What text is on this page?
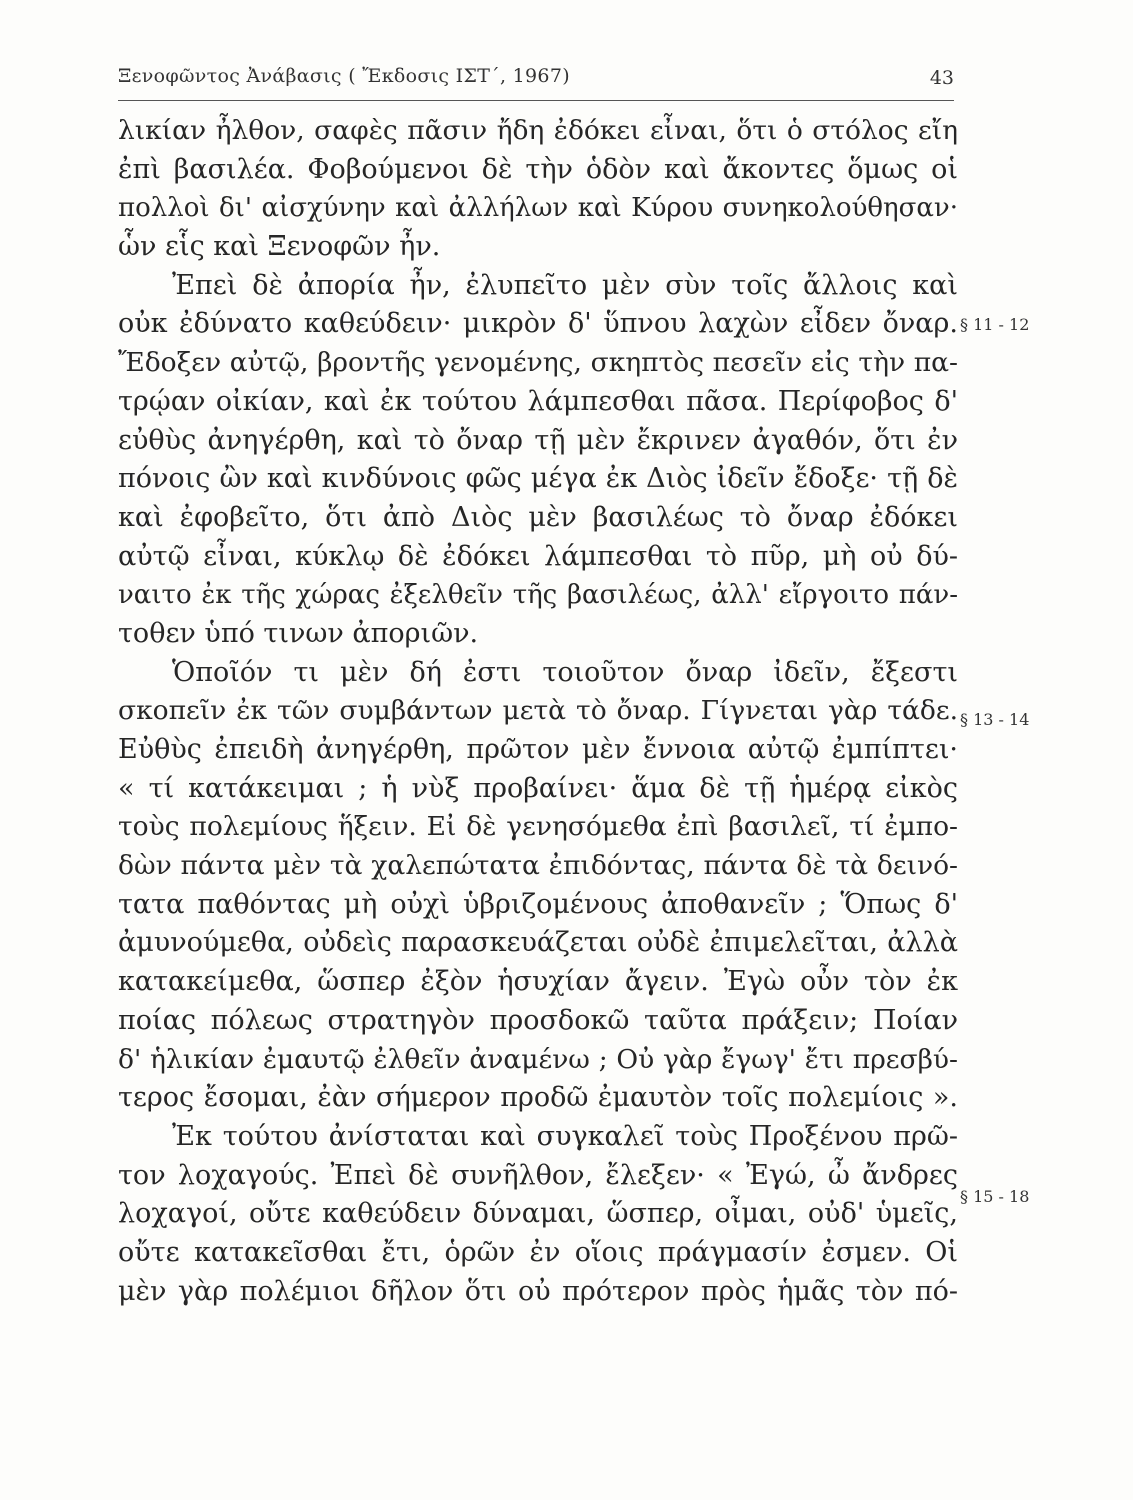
Ξενοφῶντος Ἀνάβασις ( Ἔκδοσις ΙΣΤ΄, 1967)	43
λικίαν ἦλθον, σαφὲς πᾶσιν ἤδη ἐδόκει εἶναι, ὅτι ὁ στόλος εἴη
ἐπὶ βασιλέα. Φοβούμενοι δὲ τὴν ὁδὸν καὶ ἄκοντες ὅμως οἱ
πολλοὶ δι' αἰσχύνην καὶ ἀλλήλων καὶ Κύρου συνηκολούθησαν·
ὧν εἷς καὶ Ξενοφῶν ἦν.
Ἐπεὶ δὲ ἀπορία ἦν, ἐλυπεῖτο μὲν σὺν τοῖς ἄλλοις καὶ
οὐκ ἐδύνατο καθεύδειν· μικρὸν δ' ὕπνου λαχὼν εἶδεν ὄναρ.
Ἔδοξεν αὐτῷ, βροντῆς γενομένης, σκηπτὸς πεσεῖν εἰς τὴν πα-
τρῴαν οἰκίαν, καὶ ἐκ τούτου λάμπεσθαι πᾶσα. Περίφοβος δ'
εὐθὺς ἀνηγέρθη, καὶ τὸ ὄναρ τῇ μὲν ἔκρινεν ἀγαθόν, ὅτι ἐν
πόνοις ὢν καὶ κινδύνοις φῶς μέγα ἐκ Διὸς ἰδεῖν ἔδοξε· τῇ δὲ
καὶ ἐφοβεῖτο, ὅτι ἀπὸ Διὸς μὲν βασιλέως τὸ ὄναρ ἐδόκει
αὐτῷ εἶναι, κύκλῳ δὲ ἐδόκει λάμπεσθαι τὸ πῦρ, μὴ οὐ δύ-
ναιτο ἐκ τῆς χώρας ἐξελθεῖν τῆς βασιλέως, ἀλλ' εἴργοιτο πάν-
τοθεν ὑπό τινων ἀποριῶν.
Ὁποῖόν τι μὲν δή ἐστι τοιοῦτον ὄναρ ἰδεῖν, ἔξεστι
σκοπεῖν ἐκ τῶν συμβάντων μετὰ τὸ ὄναρ. Γίγνεται γὰρ τάδε.
Εὐθὺς ἐπειδὴ ἀνηγέρθη, πρῶτον μὲν ἔννοια αὐτῷ ἐμπίπτει·
« τί κατάκειμαι ; ἡ νὺξ προβαίνει· ἅμα δὲ τῇ ἡμέρᾳ εἰκὸς
τοὺς πολεμίους ἥξειν. Εἰ δὲ γενησόμεθα ἐπὶ βασιλεῖ, τί ἐμπο-
δὼν πάντα μὲν τὰ χαλεπώτατα ἐπιδόντας, πάντα δὲ τὰ δεινό-
τατα παθόντας μὴ οὐχὶ ὑβριζομένους ἀποθανεῖν ; Ὅπως δ'
ἀμυνούμεθα, οὐδεὶς παρασκευάζεται οὐδὲ ἐπιμελεῖται, ἀλλὰ
κατακείμεθα, ὥσπερ ἐξὸν ἡσυχίαν ἄγειν. Ἐγὼ οὖν τὸν ἐκ
ποίας πόλεως στρατηγὸν προσδοκῶ ταῦτα πράξειν; Ποίαν
δ' ἡλικίαν ἐμαυτῷ ἐλθεῖν ἀναμένω ; Οὐ γὰρ ἔγωγ' ἔτι πρεσβύ-
τερος ἔσομαι, ἐὰν σήμερον προδῶ ἐμαυτὸν τοῖς πολεμίοις ».
Ἐκ τούτου ἀνίσταται καὶ συγκαλεῖ τοὺς Προξένου πρῶ-
τον λοχαγούς. Ἐπεὶ δὲ συνῆλθον, ἔλεξεν· « Ἐγώ, ὦ ἄνδρες
λοχαγοί, οὔτε καθεύδειν δύναμαι, ὥσπερ, οἶμαι, οὐδ' ὑμεῖς,
οὔτε κατακεῖσθαι ἔτι, ὁρῶν ἐν οἵοις πράγμασίν ἐσμεν. Οἱ
μὲν γὰρ πολέμιοι δῆλον ὅτι οὐ πρότερον πρὸς ἡμᾶς τὸν πό-
§ 11 - 12
§ 13 - 14
§ 15 - 18
